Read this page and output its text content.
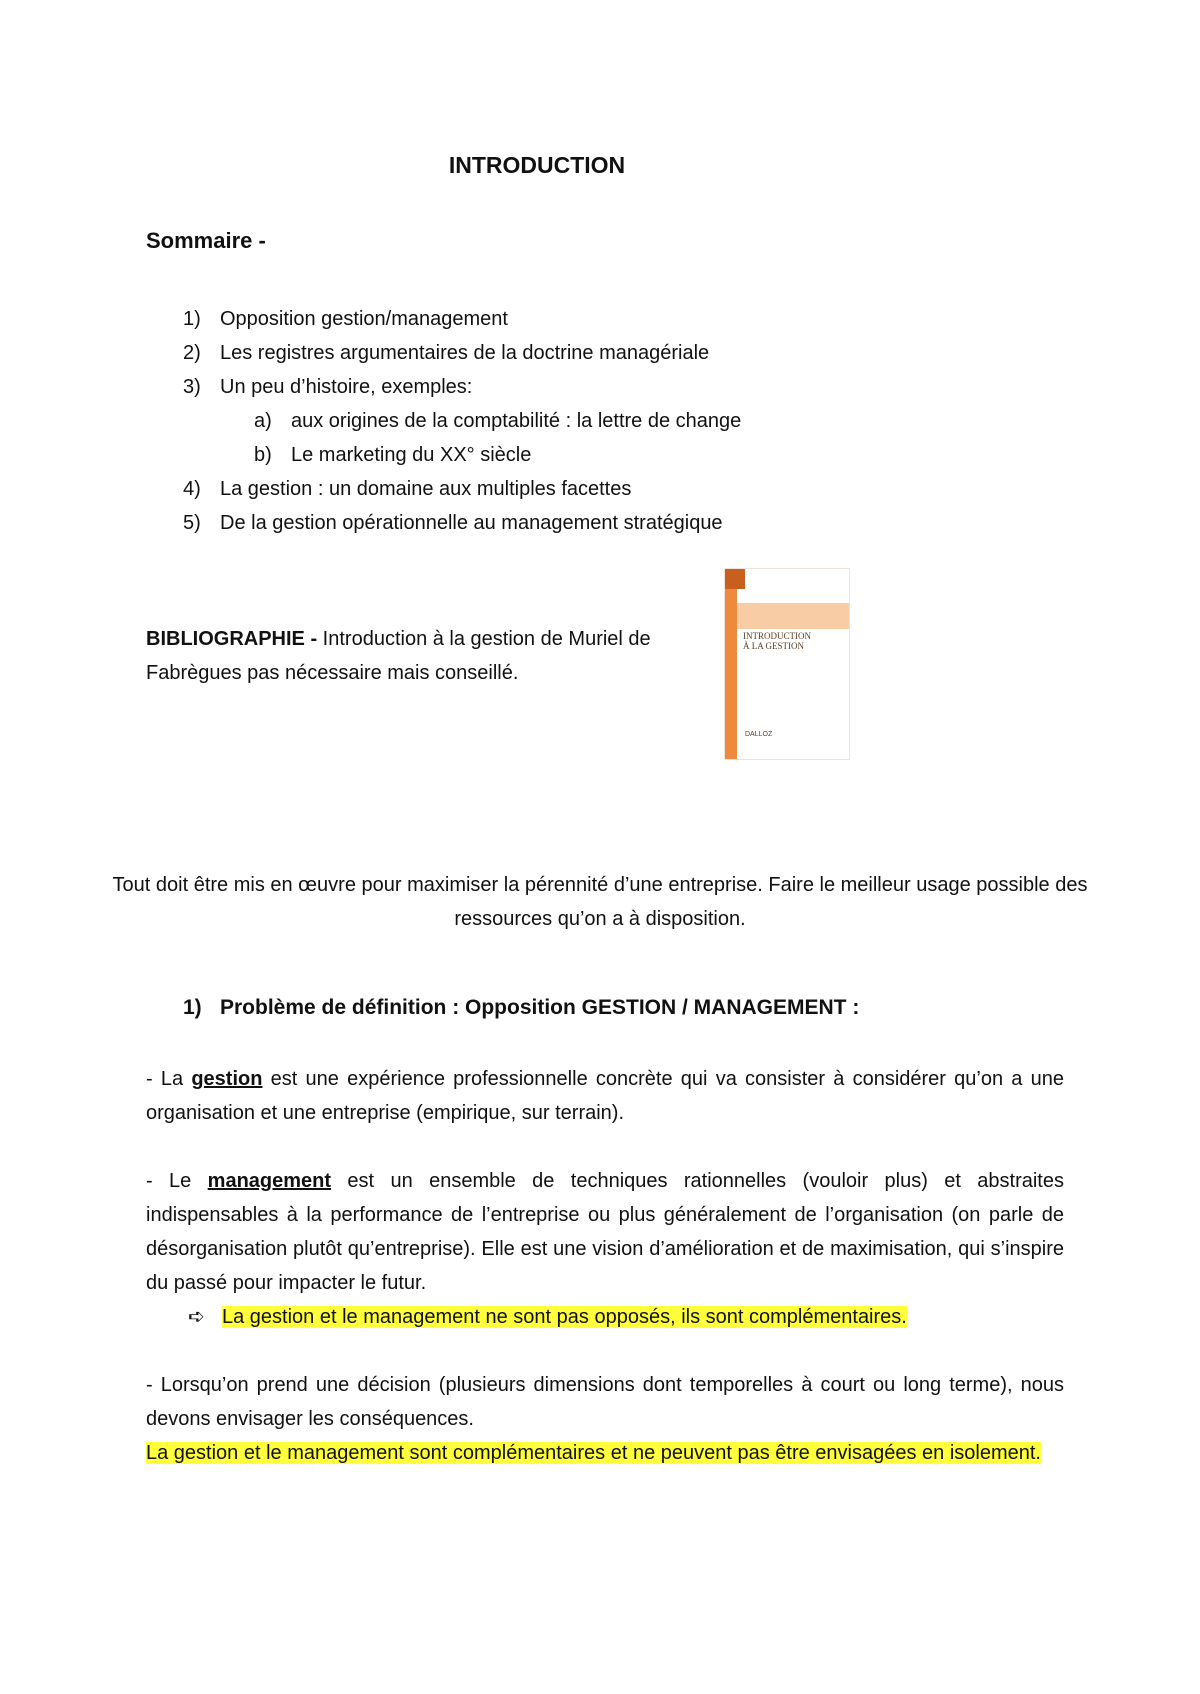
INTRODUCTION
Sommaire -
1) Opposition gestion/management
2) Les registres argumentaires de la doctrine managériale
3) Un peu d’histoire, exemples:
a) aux origines de la comptabilité : la lettre de change
b) Le marketing du XX° siècle
4) La gestion : un domaine aux multiples facettes
5) De la gestion opérationnelle au management stratégique

BIBLIOGRAPHIE - Introduction à la gestion de Muriel de Fabrègues pas nécessaire mais conseillé.

INTRODUCTION
À LA GESTION
DALLOZ

Tout doit être mis en œuvre pour maximiser la pérennité d’une entreprise. Faire le meilleur usage possible des ressources qu’on a à disposition.

1) Problème de définition : Opposition GESTION / MANAGEMENT :

- La gestion est une expérience professionnelle concrète qui va consister à considérer qu’on a une organisation et une entreprise (empirique, sur terrain).

- Le management est un ensemble de techniques rationnelles (vouloir plus) et abstraites indispensables à la performance de l’entreprise ou plus généralement de l’organisation (on parle de désorganisation plutôt qu’entreprise). Elle est une vision d’amélioration et de maximisation, qui s’inspire du passé pour impacter le futur.

➪ La gestion et le management ne sont pas opposés, ils sont complémentaires.

- Lorsqu’on prend une décision (plusieurs dimensions dont temporelles à court ou long terme), nous devons envisager les conséquences.

La gestion et le management sont complémentaires et ne peuvent pas être envisagées en isolement.
